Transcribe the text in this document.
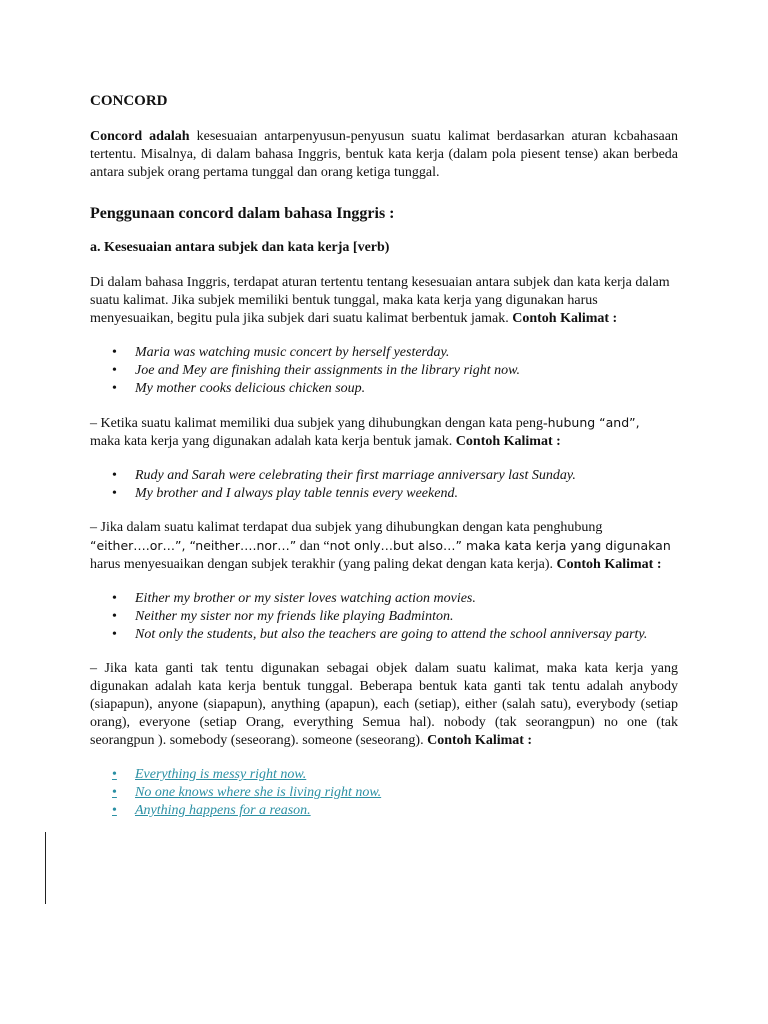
CONCORD

Concord adalah kesesuaian antarpenyusun-penyusun suatu kalimat berdasarkan aturan kcbahasaan tertentu. Misalnya, di dalam bahasa Inggris, bentuk kata kerja (dalam pola piesent tense) akan berbeda antara subjek orang pertama tunggal dan orang ketiga tunggal.

Penggunaan concord dalam bahasa Inggris :
a. Kesesuaian antara subjek dan kata kerja [verb)

Di dalam bahasa Inggris, terdapat aturan tertentu tentang kesesuaian antara subjek dan kata kerja dalam suatu kalimat. Jika subjek memiliki bentuk tunggal, maka kata kerja yang digunakan harus menyesuaikan, begitu pula jika subjek dari suatu kalimat berbentuk jamak. Contoh Kalimat :

• Maria was watching music concert by herself yesterday.
• Joe and Mey are finishing their assignments in the library right now.
• My mother cooks delicious chicken soup.

– Ketika suatu kalimat memiliki dua subjek yang dihubungkan dengan kata peng-hubung “and”,
maka kata kerja yang digunakan adalah kata kerja bentuk jamak. Contoh Kalimat :

• Rudy and Sarah were celebrating their first marriage anniversary last Sunday.
• My brother and I always play table tennis every weekend.

– Jika dalam suatu kalimat terdapat dua subjek yang dihubungkan dengan kata penghubung
“either….or…”, “neither….nor…” dan “not only…but also…” maka kata kerja yang digunakan
harus menyesuaikan dengan subjek terakhir (yang paling dekat dengan kata kerja). Contoh Kalimat :

• Either my brother or my sister loves watching action movies.
• Neither my sister nor my friends like playing Badminton.
• Not only the students, but also the teachers are going to attend the school anniversay party.

– Jika kata ganti tak tentu digunakan sebagai objek dalam suatu kalimat, maka kata kerja yang digunakan adalah kata kerja bentuk tunggal. Beberapa bentuk kata ganti tak tentu adalah anybody (siapapun), anyone (siapapun), anything (apapun), each (setiap), either (salah satu), everybody (setiap orang), everyone (setiap Orang, everything Semua hal). nobody (tak seorangpun) no one (tak seorangpun ). somebody (seseorang). someone (seseorang). Contoh Kalimat :

• Everything is messy right now.
• No one knows where she is living right now.
• Anything happens for a reason.
